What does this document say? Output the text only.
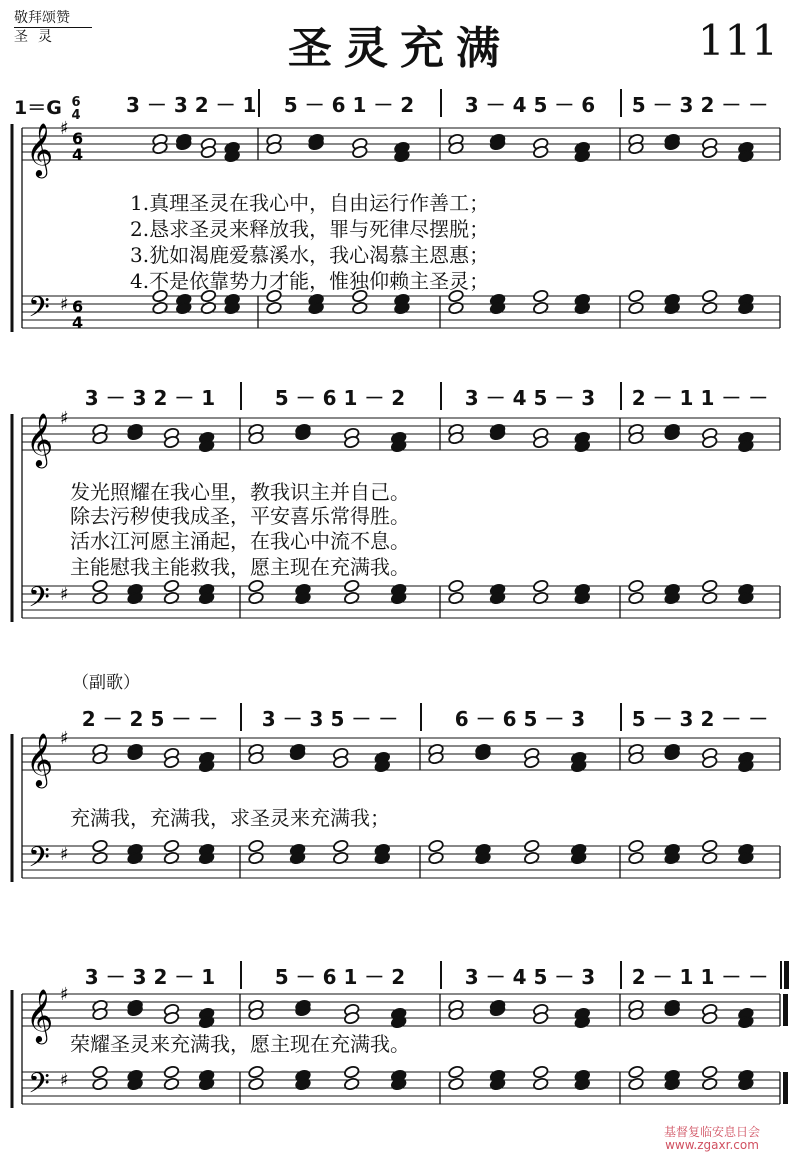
敬拜颂赞
圣灵	圣灵充满	111
1＝G 6
4
（副歌）
3 － 3 2 － 1	5 － 6 1 － 2	3 － 4 5 － 6	5 － 3 2 － －
3 － 3 2 － 1	5 － 6 1 － 2	3 － 4 5 － 3	2 － 1 1 － －
2 － 2 5 － －	3 － 3 5 － －	6 － 6 5 － 3	5 － 3 2 － －
3 － 3 2 － 1	5 － 6 1 － 2	3 － 4 5 － 3	2 － 1 1 － －
𝄞
𝄢
♯
♯
6
4
6
4
𝄞
𝄢
♯
♯
𝄞
𝄢
♯
♯
𝄞
𝄢
♯
♯
1.真理圣灵在我心中，自由运行作善工；
2.恳求圣灵来释放我，罪与死律尽摆脱；
3.犹如渴鹿爱慕溪水，我心渴慕主恩惠；
4.不是依靠势力才能，惟独仰赖主圣灵；
发光照耀在我心里，教我识主并自己。
除去污秽使我成圣，平安喜乐常得胜。
活水江河愿主涌起，在我心中流不息。
主能慰我主能救我，愿主现在充满我。
充满我，充满我，求圣灵来充满我；
荣耀圣灵来充满我，愿主现在充满我。
基督复临安息日会
www.zgaxr.com
